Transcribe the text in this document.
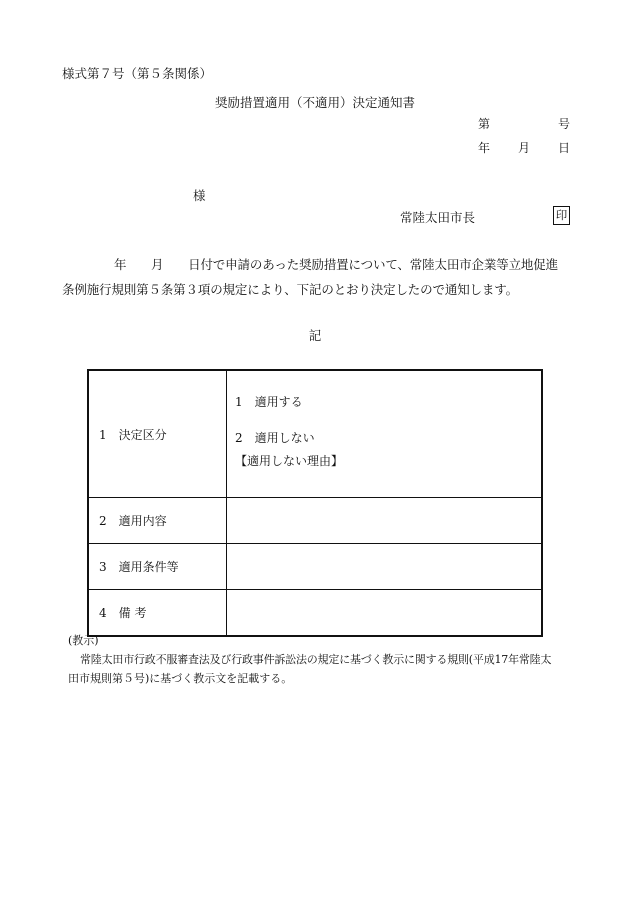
様式第７号（第５条関係）
奨励措置適用（不適用）決定通知書
第	号
年 月 日
様
常陸太田市長	印
年　　月　　日付で申請のあった奨励措置について、常陸太田市企業等立地促進
条例施行規則第５条第３項の規定により、下記のとおり決定したので通知します。
記
1　決定区分	1　適用する
2　適用しない
【適用しない理由】

2　適用内容	
3　適用条件等	
4　備 考	
(教示)
常陸太田市行政不服審査法及び行政事件訴訟法の規定に基づく教示に関する規則(平成17年常陸太
田市規則第５号)に基づく教示文を記載する。
